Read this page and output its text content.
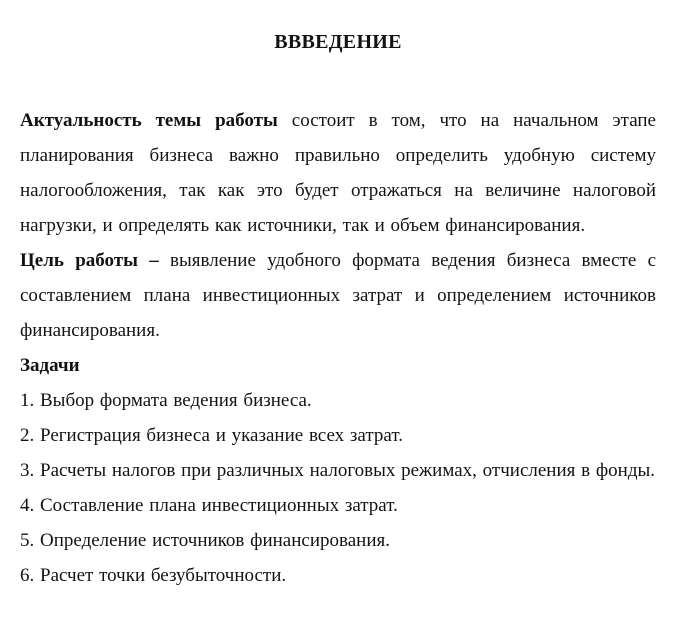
ВВВЕДЕНИЕ

Актуальность темы работы состоит в том, что на начальном этапе планирования бизнеса важно правильно определить удобную систему налогообложения, так как это будет отражаться на величине налоговой нагрузки, и определять как источники, так и объем финансирования.

Цель работы – выявление удобного формата ведения бизнеса вместе с составлением плана инвестиционных затрат и определением источников финансирования.

Задачи

1. Выбор формата ведения бизнеса.

2. Регистрация бизнеса и указание всех затрат.

3. Расчеты налогов при различных налоговых режимах, отчисления в фонды.

4. Составление плана инвестиционных затрат.

5. Определение источников финансирования.

6. Расчет точки безубыточности.
